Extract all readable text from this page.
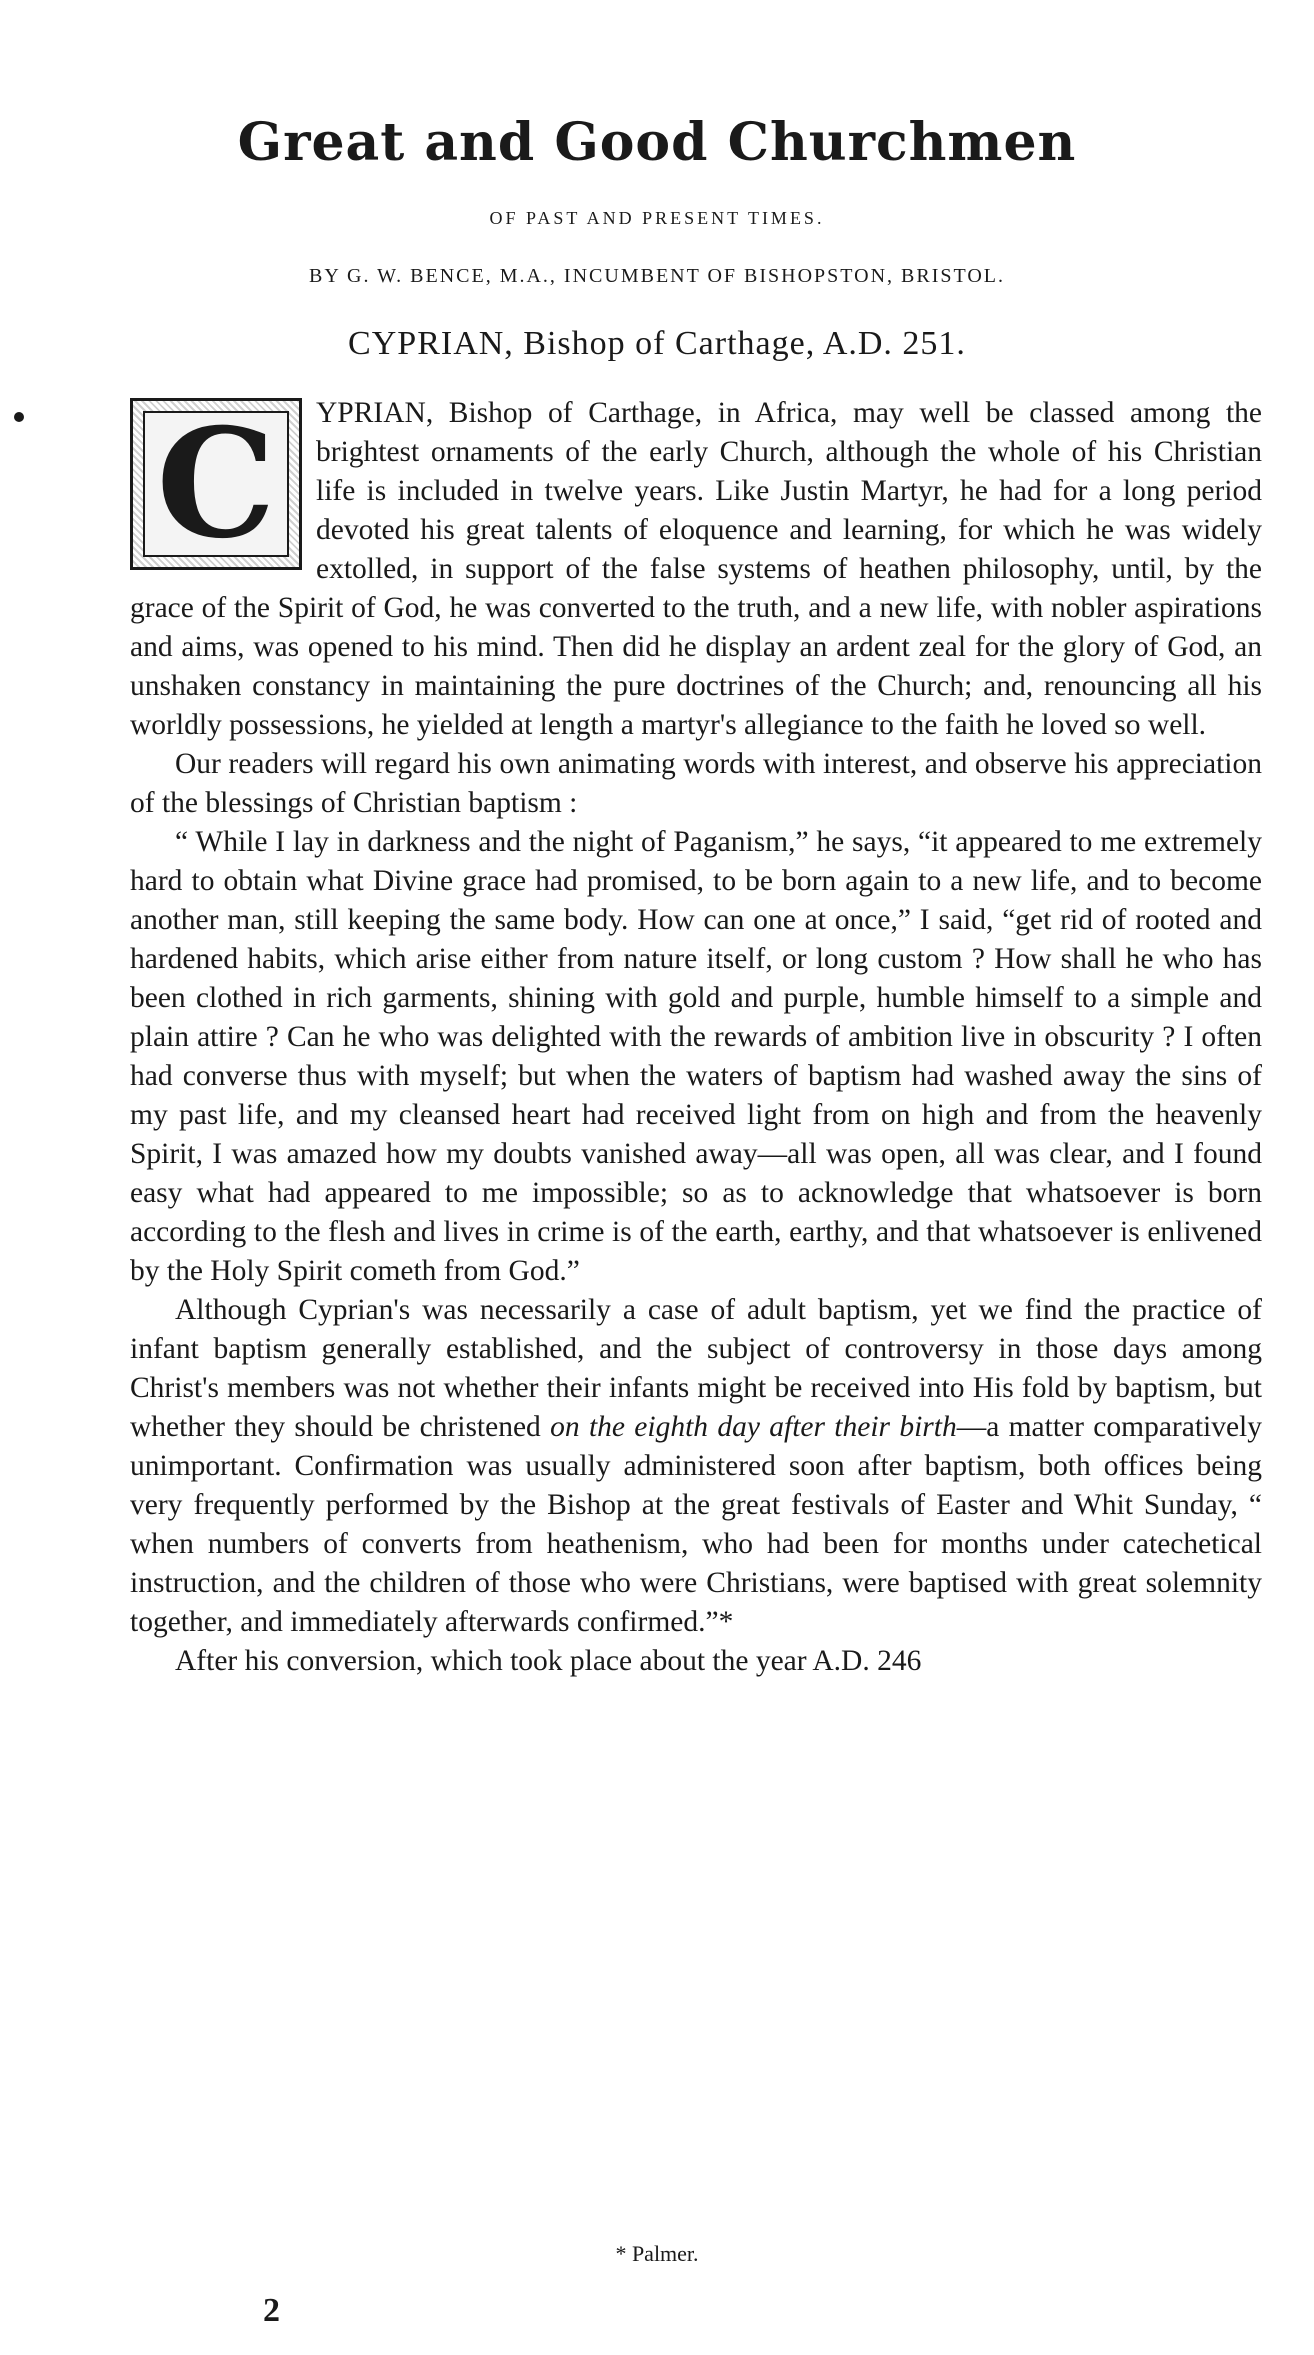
Great and Good Churchmen
OF PAST AND PRESENT TIMES.
BY G. W. BENCE, M.A., INCUMBENT OF BISHOPSTON, BRISTOL.
CYPRIAN, Bishop of Carthage, A.D. 251.

C YPRIAN, Bishop of Carthage, in Africa, may well be classed among the brightest ornaments of the early Church, although the whole of his Christian life is included in twelve years. Like Justin Martyr, he had for a long period devoted his great talents of eloquence and learning, for which he was widely extolled, in support of the false systems of heathen philosophy, until, by the grace of the Spirit of God, he was converted to the truth, and a new life, with nobler aspirations and aims, was opened to his mind. Then did he display an ardent zeal for the glory of God, an unshaken constancy in maintaining the pure doctrines of the Church; and, renouncing all his worldly possessions, he yielded at length a martyr's allegiance to the faith he loved so well.

Our readers will regard his own animating words with interest, and observe his appreciation of the blessings of Christian baptism :

“ While I lay in darkness and the night of Paganism,” he says, “it appeared to me extremely hard to obtain what Divine grace had promised, to be born again to a new life, and to become another man, still keeping the same body. How can one at once,” I said, “get rid of rooted and hardened habits, which arise either from nature itself, or long custom ? How shall he who has been clothed in rich garments, shining with gold and purple, humble himself to a simple and plain attire ? Can he who was delighted with the rewards of ambition live in obscurity ? I often had converse thus with myself; but when the waters of baptism had washed away the sins of my past life, and my cleansed heart had received light from on high and from the heavenly Spirit, I was amazed how my doubts vanished away—all was open, all was clear, and I found easy what had appeared to me impossible; so as to acknowledge that whatsoever is born according to the flesh and lives in crime is of the earth, earthy, and that whatsoever is enlivened by the Holy Spirit cometh from God.”

Although Cyprian's was necessarily a case of adult baptism, yet we find the practice of infant baptism generally established, and the subject of controversy in those days among Christ's members was not whether their infants might be received into His fold by baptism, but whether they should be christened on the eighth day after their birth—a matter comparatively unimportant. Confirmation was usually administered soon after baptism, both offices being very frequently performed by the Bishop at the great festivals of Easter and Whit Sunday, “ when numbers of converts from heathenism, who had been for months under catechetical instruction, and the children of those who were Christians, were baptised with great solemnity together, and immediately afterwards confirmed.”*

After his conversion, which took place about the year A.D. 246

* Palmer.
2
